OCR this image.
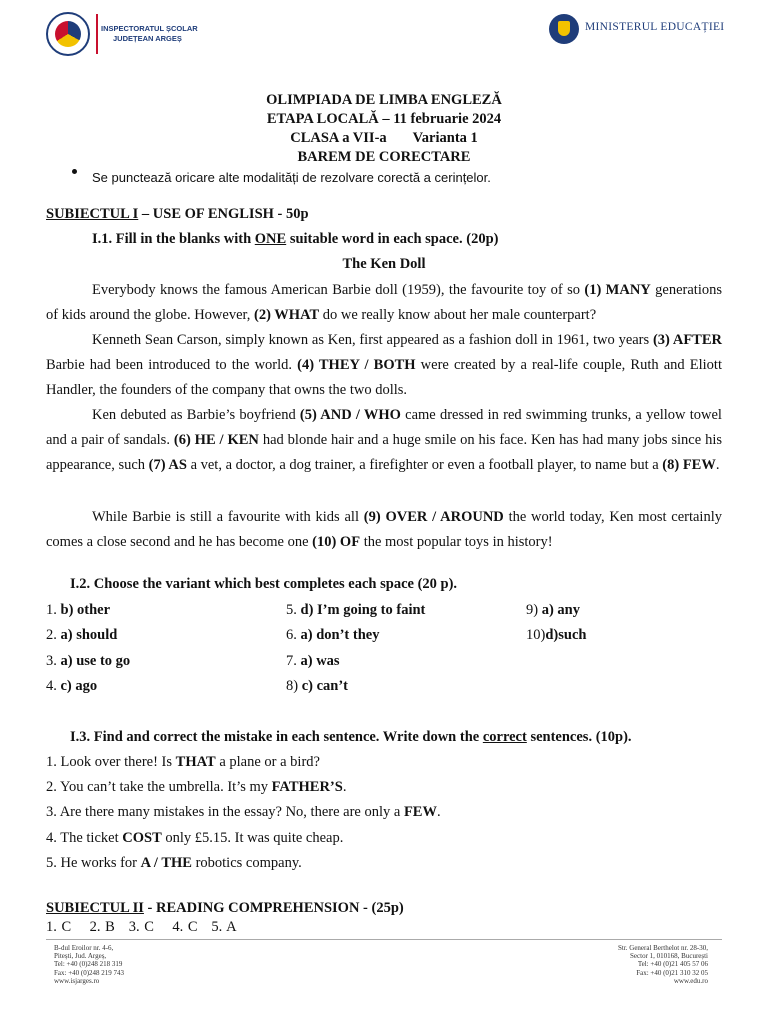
INSPECTORATUL ȘCOLAR
JUDEȚEAN ARGEȘ
MINISTERUL EDUCAȚIEI
OLIMPIADA DE LIMBA ENGLEZĂ
ETAPA LOCALĂ – 11 februarie 2024
CLASA a VII-a Varianta 1
BAREM DE CORECTARE
Se punctează oricare alte modalități de rezolvare corectă a cerințelor.
SUBIECTUL I – USE OF ENGLISH - 50p
I.1. Fill in the blanks with ONE suitable word in each space. (20p)
The Ken Doll

Everybody knows the famous American Barbie doll (1959), the favourite toy of so (1) MANY generations of kids around the globe. However, (2) WHAT do we really know about her male counterpart?

Kenneth Sean Carson, simply known as Ken, first appeared as a fashion doll in 1961, two years (3) AFTER Barbie had been introduced to the world. (4) THEY / BOTH were created by a real-life couple, Ruth and Eliott Handler, the founders of the company that owns the two dolls.

Ken debuted as Barbie’s boyfriend (5) AND / WHO came dressed in red swimming trunks, a yellow towel and a pair of sandals. (6) HE / KEN had blonde hair and a huge smile on his face. Ken has had many jobs since his appearance, such (7) AS a vet, a doctor, a dog trainer, a firefighter or even a football player, to name but a (8) FEW.

While Barbie is still a favourite with kids all (9) OVER / AROUND the world today, Ken most certainly comes a close second and he has become one (10) OF the most popular toys in history!

I.2. Choose the variant which best completes each space (20 p).
1. b) other
2. a) should
3. a) use to go
4. c) ago
5. d) I’m going to faint
6. a) don’t they
7. a) was
8) c) can’t
9) a) any
10)d)such
I.3. Find and correct the mistake in each sentence. Write down the correct sentences. (10p).
1. Look over there! Is THAT a plane or a bird?
2. You can’t take the umbrella. It’s my FATHER’S.
3. Are there many mistakes in the essay? No, there are only a FEW.
4. The ticket COST only £5.15. It was quite cheap.
5. He works for A / THE robotics company.
SUBIECTUL II - READING COMPREHENSION - (25p)
1. C    2. B   3. C    4. C   5. A
B-dul Eroilor nr. 4-6,
Pitești, Jud. Argeș,
Tel: +40 (0)248 218 319
Fax: +40 (0)248 219 743
www.isjarges.ro
Str. General Berthelot nr. 28-30,
Sector 1, 010168, București
Tel: +40 (0)21 405 57 06
Fax: +40 (0)21 310 32 05
www.edu.ro
